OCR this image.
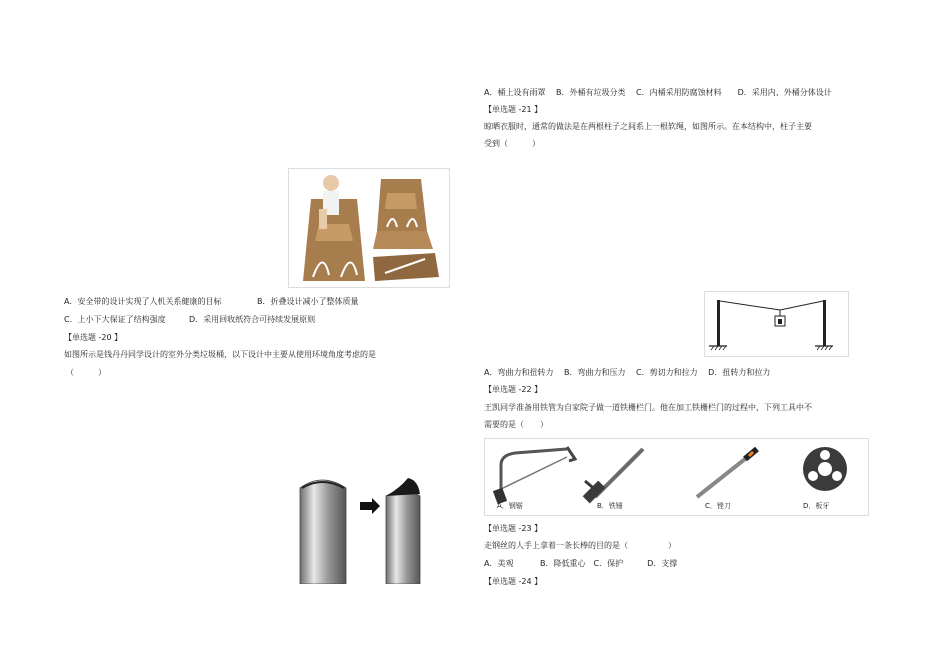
A．安全带的设计实现了人机关系健康的目标	B．折叠设计减小了整体质量
C．上小下大保证了结构强度	D．采用回收纸符合可持续发展原则
【单选题 -20 】
如图所示是钱丹丹同学设计的室外分类垃圾桶，以下设计中主要从使用环境角度考虑的是
（　　　）
A．桶上设有雨罩　 B．外桶有垃圾分类　 C．内桶采用防腐蚀材料　　D．采用内、外桶分体设计
【单选题 -21 】
晾晒衣服时，通常的做法是在两根柱子之间系上一根软绳，如图所示。在本结构中，柱子主要
受到（　　　）
A．弯曲力和扭转力　 B．弯曲力和压力　 C．剪切力和拉力　 D．扭转力和拉力
【单选题 -22 】
王凯同学准备用铁管为自家院子做一道铁栅栏门。他在加工铁栅栏门的过程中，下列工具中不
需要的是（　　）
A．钢锯	B．铁锤	C．锉刀	D．板牙
【单选题 -23 】
走钢丝的人手上拿着一条长棒的目的是（　　　　　）
A．美观　　　 B．降低重心　C．保护　　　D．支撑
【单选题 -24 】
